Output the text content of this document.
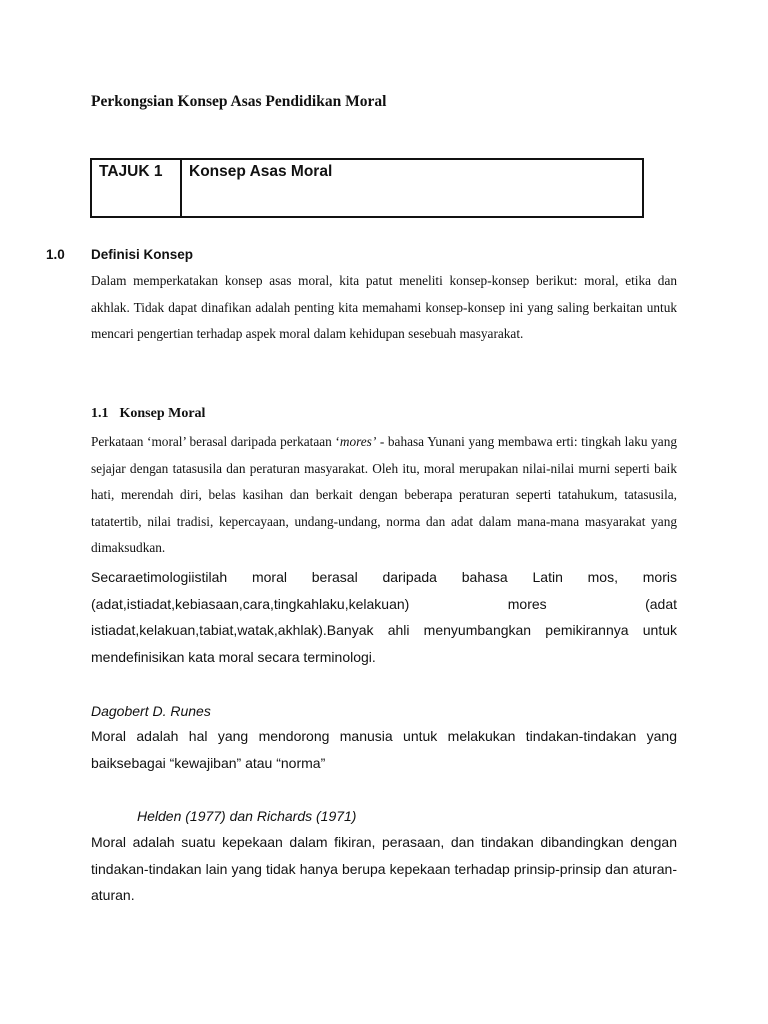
Perkongsian Konsep Asas Pendidikan Moral
TAJUK 1	Konsep Asas Moral
1.0 Definisi Konsep

Dalam memperkatakan konsep asas moral, kita patut meneliti konsep-konsep berikut: moral, etika dan akhlak. Tidak dapat dinafikan adalah penting kita memahami konsep-konsep ini yang saling berkaitan untuk mencari pengertian terhadap aspek moral dalam kehidupan sesebuah masyarakat.

1.1 Konsep Moral

Perkataan ‘moral’ berasal daripada perkataan ‘mores’ - bahasa Yunani yang membawa erti: tingkah laku yang sejajar dengan tatasusila dan peraturan masyarakat. Oleh itu, moral merupakan nilai-nilai murni seperti baik hati, merendah diri, belas kasihan dan berkait dengan beberapa peraturan seperti tatahukum, tatasusila, tatatertib, nilai tradisi, kepercayaan, undang-undang, norma dan adat dalam mana-mana masyarakat yang dimaksudkan.

Secaraetimologiistilah moral berasal daripada bahasa Latin mos, moris (adat,istiadat,kebiasaan,cara,tingkahlaku,kelakuan) mores (adat istiadat,kelakuan,tabiat,watak,akhlak).Banyak ahli menyumbangkan pemikirannya untuk mendefinisikan kata moral secara terminologi.

Dagobert D. Runes

Moral adalah hal yang mendorong manusia untuk melakukan tindakan-tindakan yang baiksebagai “kewajiban” atau “norma”

Helden (1977) dan Richards (1971)

Moral adalah suatu kepekaan dalam fikiran, perasaan, dan tindakan dibandingkan dengan tindakan-tindakan lain yang tidak hanya berupa kepekaan terhadap prinsip-prinsip dan aturan-aturan.
